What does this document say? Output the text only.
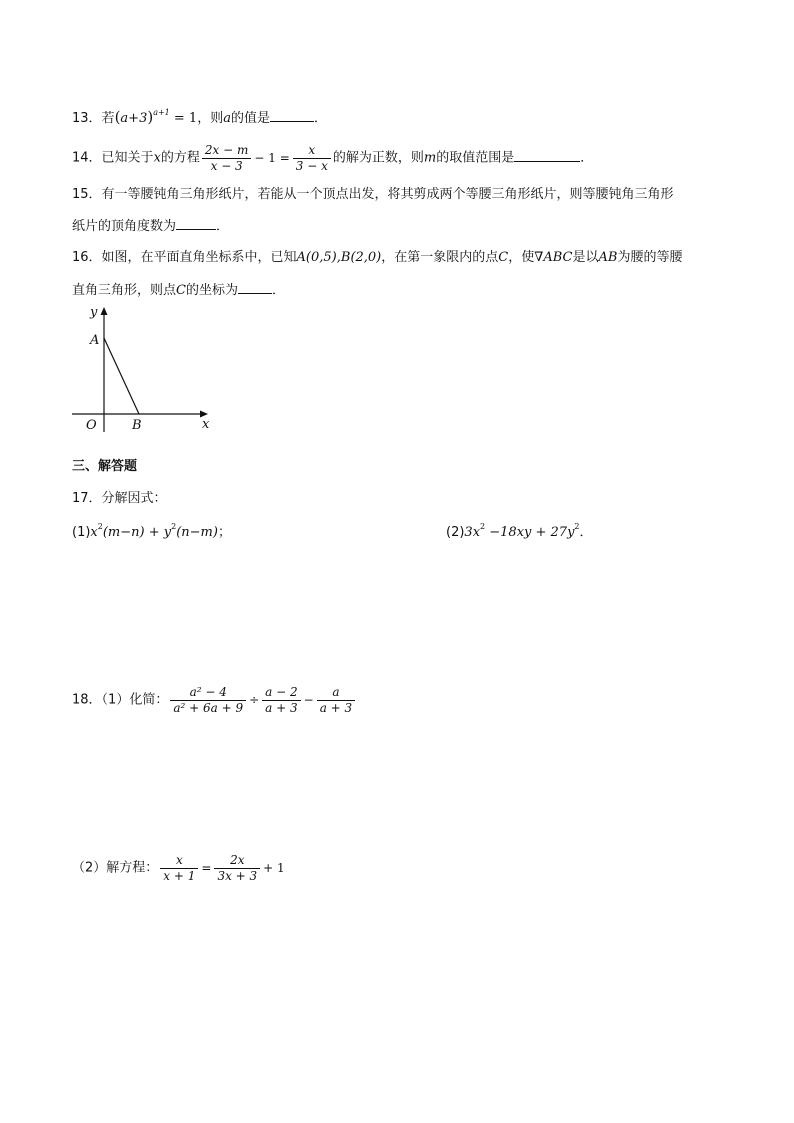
13．若$(a+3)^{a+1} = 1$，则a的值是	．
14．已知关于x的方程 $\frac{2x - m}{x - 3} - 1 = \frac{x}{3 - x}$ 的解为正数，则m的取值范围是	．
15．有一等腰钝角三角形纸片，若能从一个顶点出发，将其剪成两个等腰三角形纸片，则等腰钝角三角形
纸片的顶角度数为	．
16．如图，在平面直角坐标系中，已知A(0,5),B(2,0)，在第一象限内的点C，使∇ABC是以AB为腰的等腰
直角三角形，则点C的坐标为	．
y
A
O	B	x
三、解答题
17．分解因式：
$(1)x^2(m-n) + y^2(n-m)$；	$(2)3x^2 -18xy + 27y^2$．
18．（1）化简： $\frac{\text{a² − 4}}{\text{a² + 6a + 9}} \div \frac{a - 2}{a + 3} - \frac{a}{a + 3}$
（2）解方程： $\frac{x}{x + 1} = \frac{2x}{3x + 3} + 1$
